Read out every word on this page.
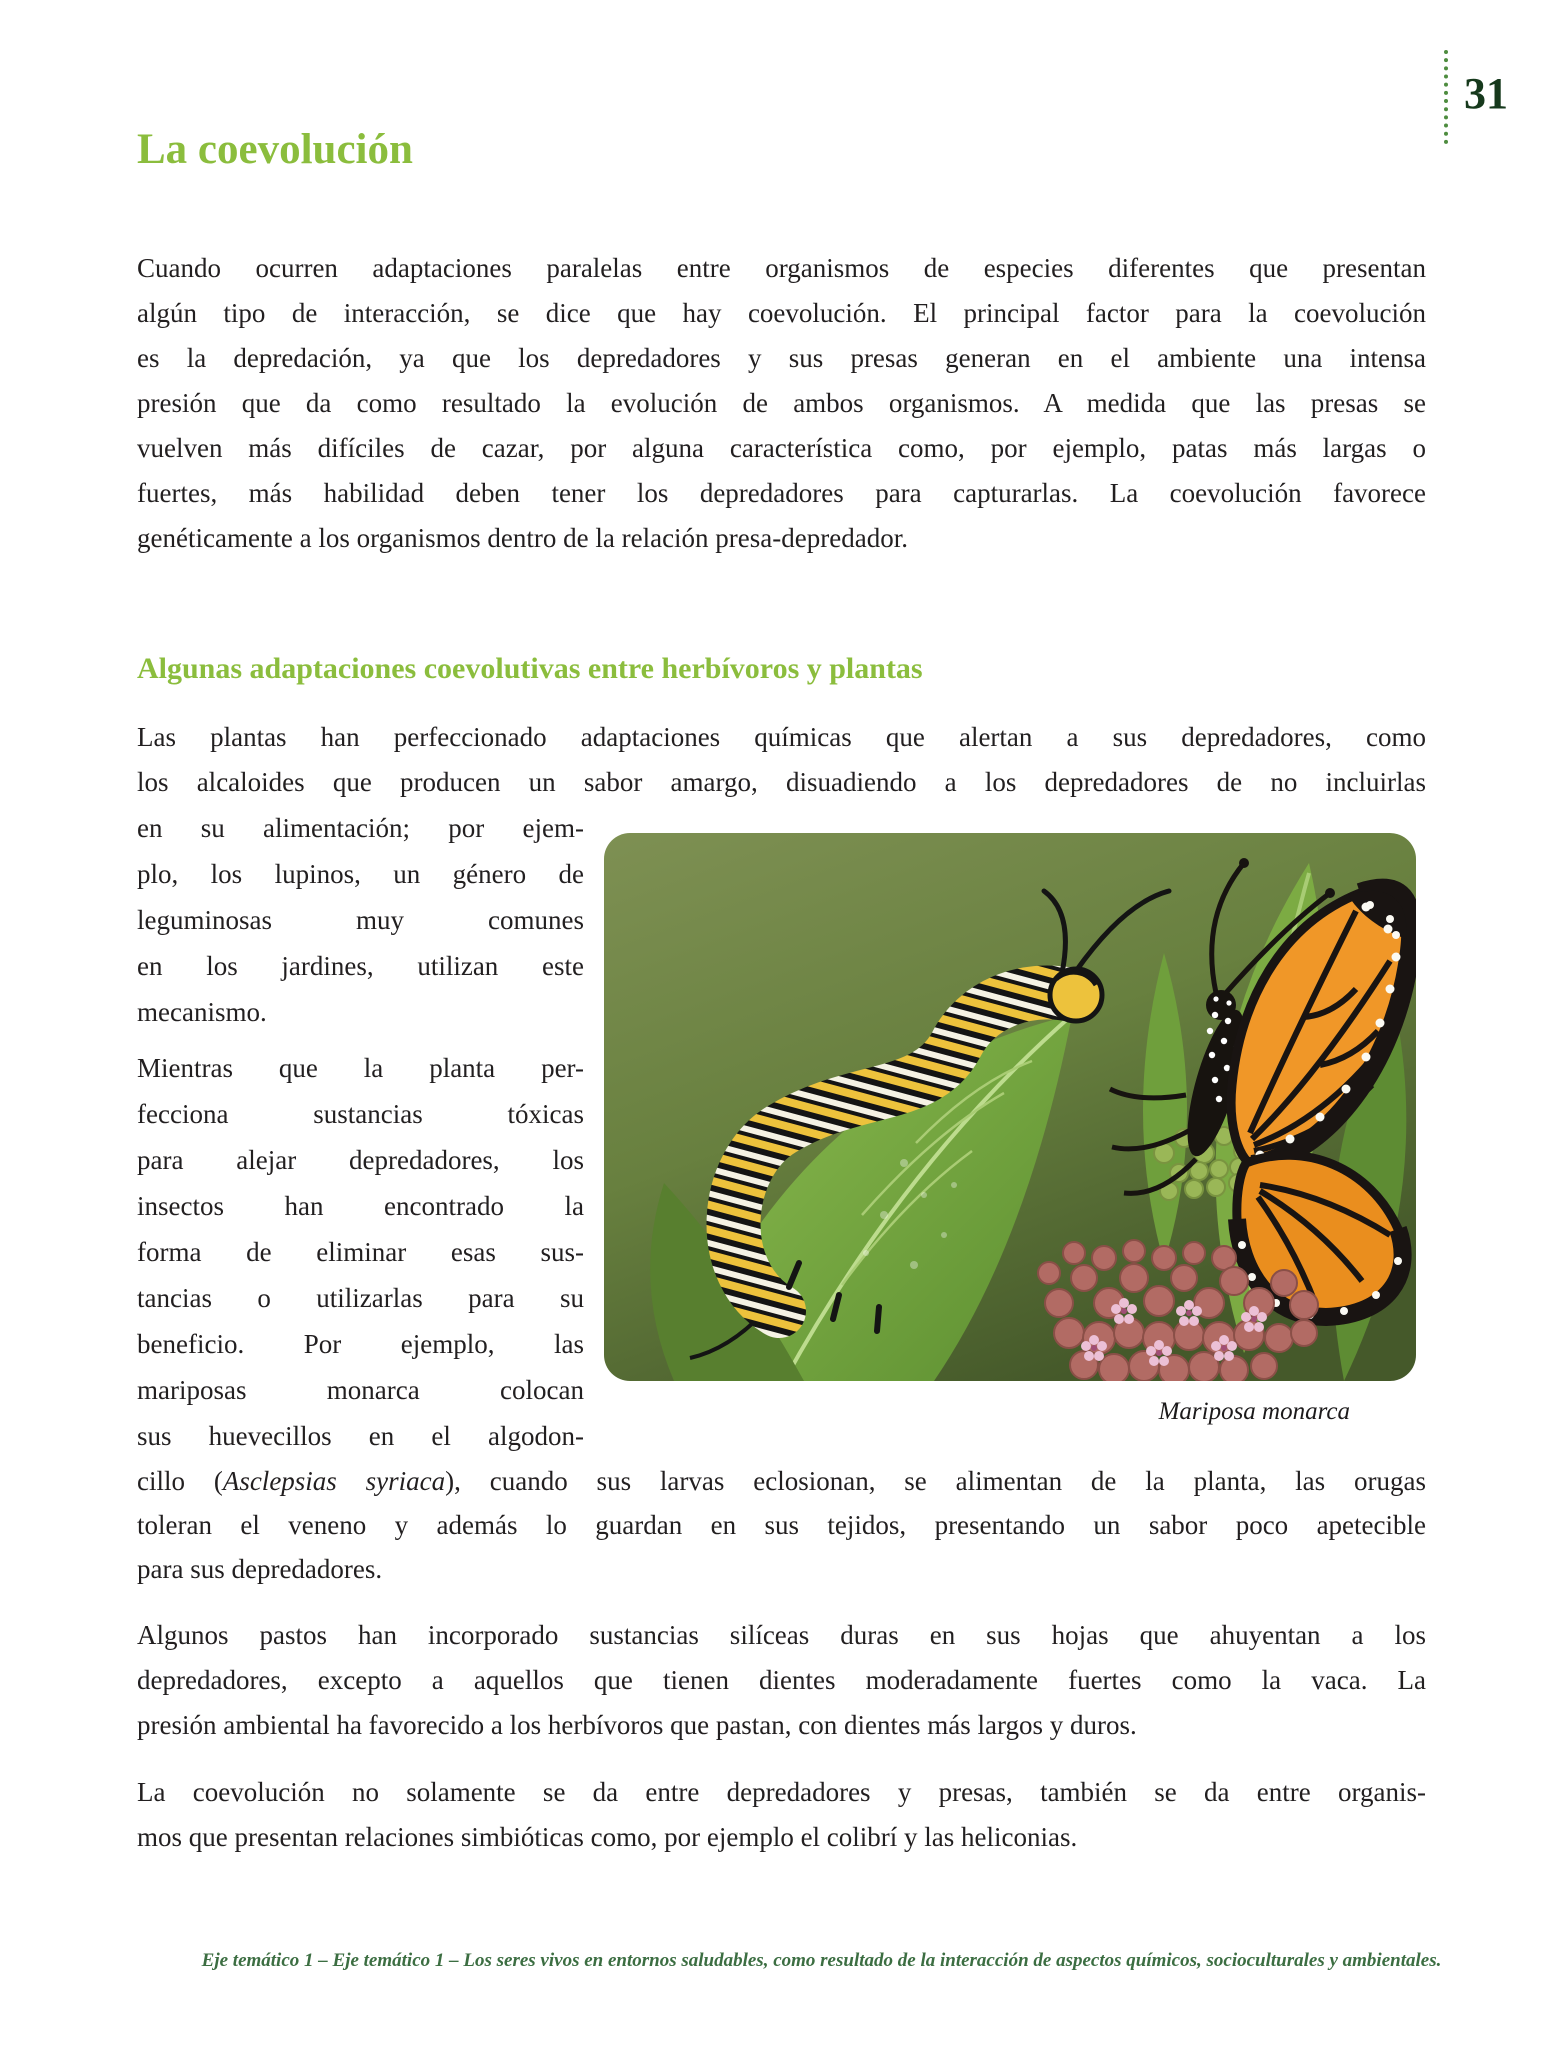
31
La coevolución
Cuando ocurren adaptaciones paralelas entre organismos de especies diferentes que presentan
algún tipo de interacción, se dice que hay coevolución. El principal factor para la coevolución
es la depredación, ya que los depredadores y sus presas generan en el ambiente una intensa
presión que da como resultado la evolución de ambos organismos. A medida que las presas se
vuelven más difíciles de cazar, por alguna característica como, por ejemplo, patas más largas o
fuertes, más habilidad deben tener los depredadores para capturarlas. La coevolución favorece
genéticamente a los organismos dentro de la relación presa-depredador.
Algunas adaptaciones coevolutivas entre herbívoros y plantas
Las plantas han perfeccionado adaptaciones químicas que alertan a sus depredadores, como
los alcaloides que producen un sabor amargo, disuadiendo a los depredadores de no incluirlas
en su alimentación; por ejem-
plo, los lupinos, un género de
leguminosas muy comunes
en los jardines, utilizan este
mecanismo.
Mientras que la planta per-
fecciona sustancias tóxicas
para alejar depredadores, los
insectos han encontrado la
forma de eliminar esas sus-
tancias o utilizarlas para su
beneficio. Por ejemplo, las
mariposas monarca colocan
sus huevecillos en el algodon-
Mariposa monarca
cillo (Asclepsias syriaca), cuando sus larvas eclosionan, se alimentan de la planta, las orugas
toleran el veneno y además lo guardan en sus tejidos, presentando un sabor poco apetecible
para sus depredadores.
Algunos pastos han incorporado sustancias silíceas duras en sus hojas que ahuyentan a los
depredadores, excepto a aquellos que tienen dientes moderadamente fuertes como la vaca. La
presión ambiental ha favorecido a los herbívoros que pastan, con dientes más largos y duros.
La coevolución no solamente se da entre depredadores y presas, también se da entre organis-
mos que presentan relaciones simbióticas como, por ejemplo el colibrí y las heliconias.
Eje temático 1 – Eje temático 1 – Los seres vivos en entornos saludables, como resultado de la interacción de aspectos químicos, socioculturales y ambientales.
